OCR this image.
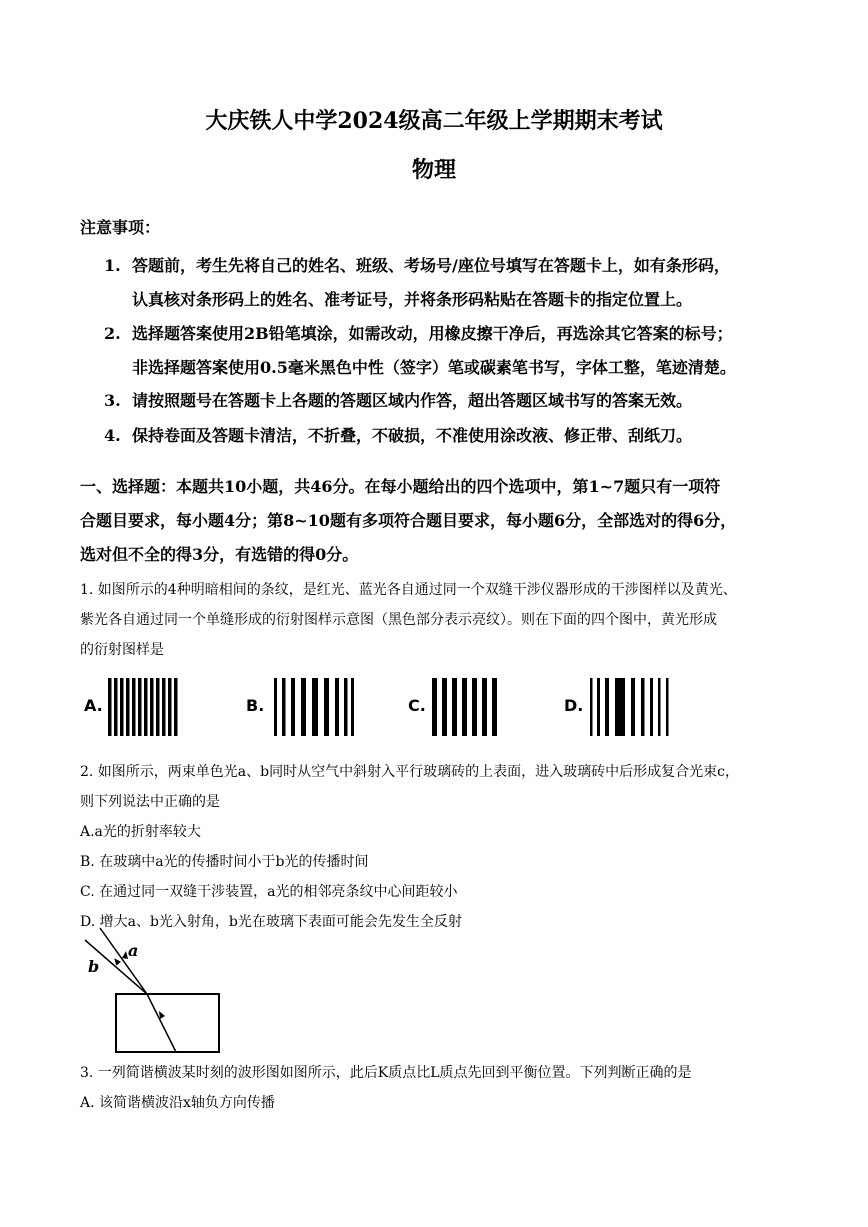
大庆铁人中学2024级高二年级上学期期末考试
物理
注意事项：
1. 答题前，考生先将自己的姓名、班级、考场号/座位号填写在答题卡上，如有条形码，
认真核对条形码上的姓名、准考证号，并将条形码粘贴在答题卡的指定位置上。
2. 选择题答案使用2B铅笔填涂，如需改动，用橡皮擦干净后，再选涂其它答案的标号；
非选择题答案使用0.5毫米黑色中性（签字）笔或碳素笔书写，字体工整，笔迹清楚。
3. 请按照题号在答题卡上各题的答题区域内作答，超出答题区域书写的答案无效。
4. 保持卷面及答题卡清洁，不折叠，不破损，不准使用涂改液、修正带、刮纸刀。
一、选择题：本题共10小题，共46分。在每小题给出的四个选项中，第1~7题只有一项符
合题目要求，每小题4分；第8~10题有多项符合题目要求，每小题6分，全部选对的得6分，
选对但不全的得3分，有选错的得0分。
1. 如图所示的4种明暗相间的条纹，是红光、蓝光各自通过同一个双缝干涉仪器形成的干涉图样以及黄光、
紫光各自通过同一个单缝形成的衍射图样示意图（黑色部分表示亮纹）。则在下面的四个图中，黄光形成
的衍射图样是
A.	B.	C.	D.
2. 如图所示，两束单色光a、b同时从空气中斜射入平行玻璃砖的上表面，进入玻璃砖中后形成复合光束c，
则下列说法中正确的是
A.a光的折射率较大
B. 在玻璃中a光的传播时间小于b光的传播时间
C. 在通过同一双缝干涉装置，a光的相邻亮条纹中心间距较小
D. 增大a、b光入射角，b光在玻璃下表面可能会先发生全反射
a
b
3. 一列简谐横波某时刻的波形图如图所示，此后K质点比L质点先回到平衡位置。下列判断正确的是
A. 该简谐横波沿x轴负方向传播
